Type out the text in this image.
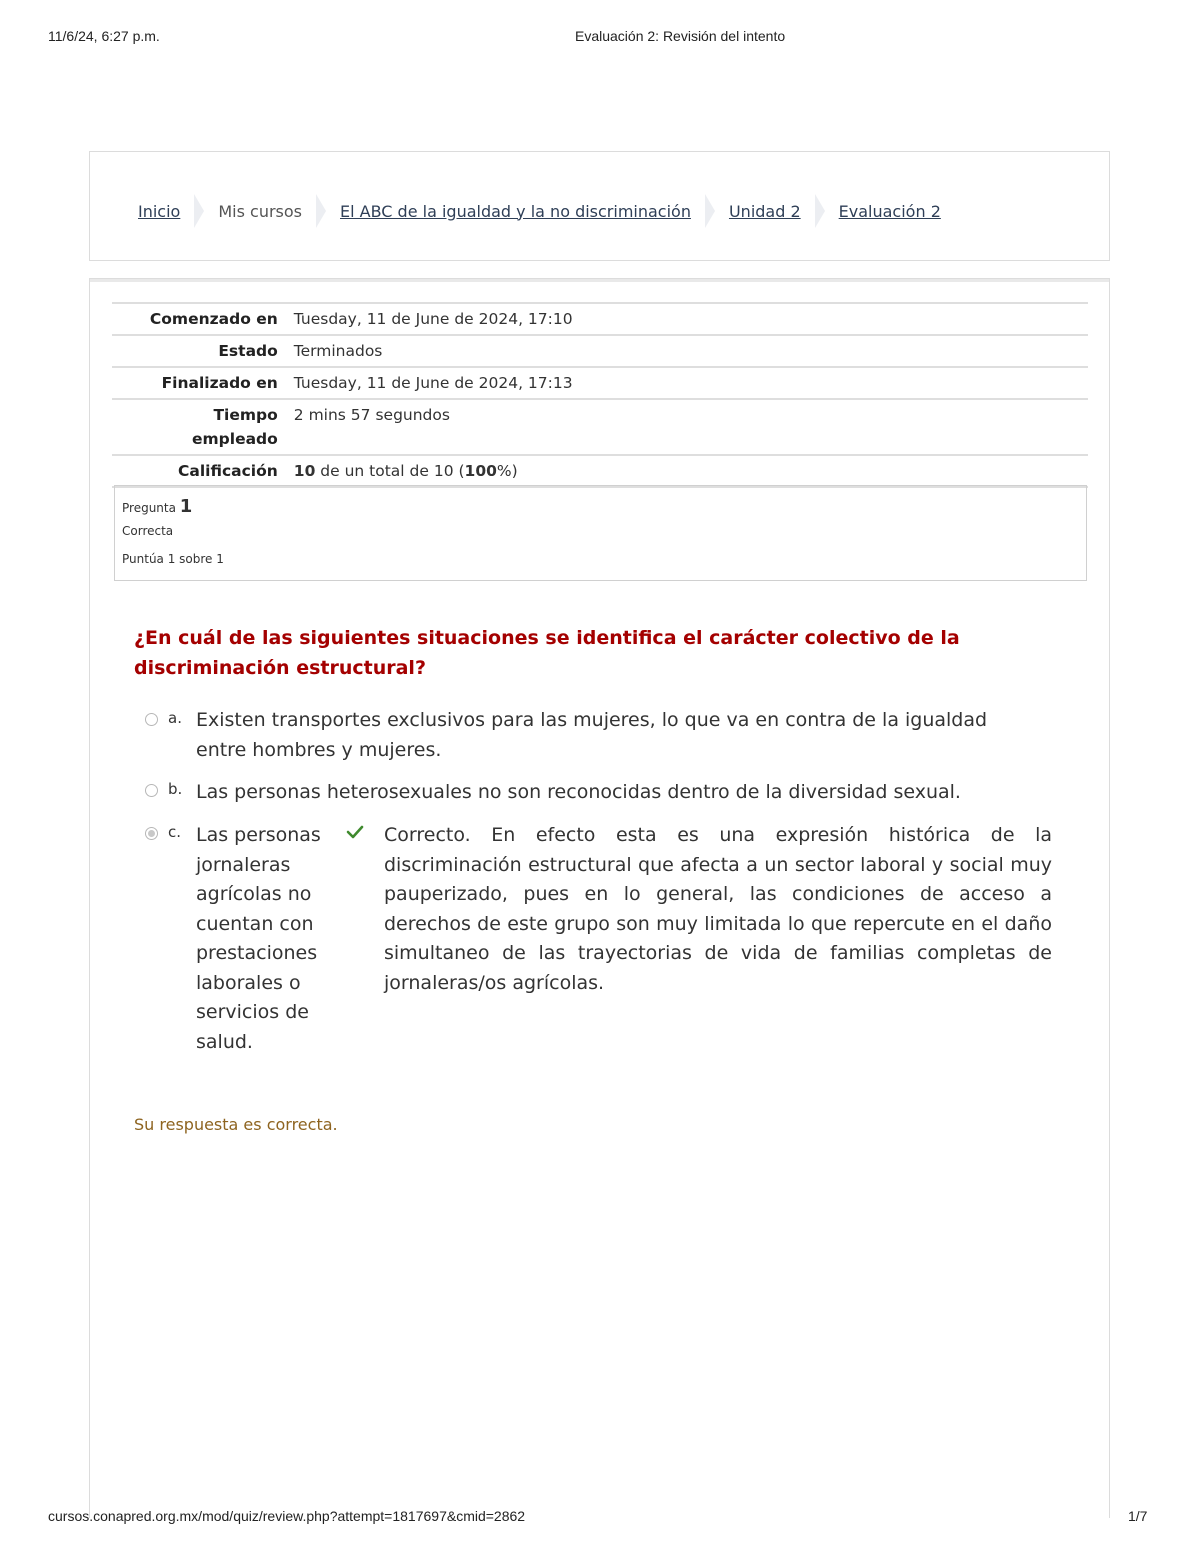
11/6/24, 6:27 p.m.	Evaluación 2: Revisión del intento
Inicio Mis cursos El ABC de la igualdad y la no discriminación Unidad 2 Evaluación 2
Comenzado en	Tuesday, 11 de June de 2024, 17:10
Estado	Terminados
Finalizado en	Tuesday, 11 de June de 2024, 17:13
Tiempo empleado	2 mins 57 segundos
Calificación	10 de un total de 10 (100%)
Pregunta 1
Correcta
Puntúa 1 sobre 1
¿En cuál de las siguientes situaciones se identifica el carácter colectivo de la discriminación estructural?
a. Existen transportes exclusivos para las mujeres, lo que va en contra de la igualdad entre hombres y mujeres.
b. Las personas heterosexuales no son reconocidas dentro de la diversidad sexual.
c. Las personas jornaleras agrícolas no cuentan con prestaciones laborales o servicios de salud.
Correcto. En efecto esta es una expresión histórica de la discriminación estructural que afecta a un sector laboral y social muy pauperizado, pues en lo general, las condiciones de acceso a derechos de este grupo son muy limitada lo que repercute en el daño simultaneo de las trayectorias de vida de familias completas de jornaleras/os agrícolas.
Su respuesta es correcta.
cursos.conapred.org.mx/mod/quiz/review.php?attempt=1817697&cmid=2862	1/7
